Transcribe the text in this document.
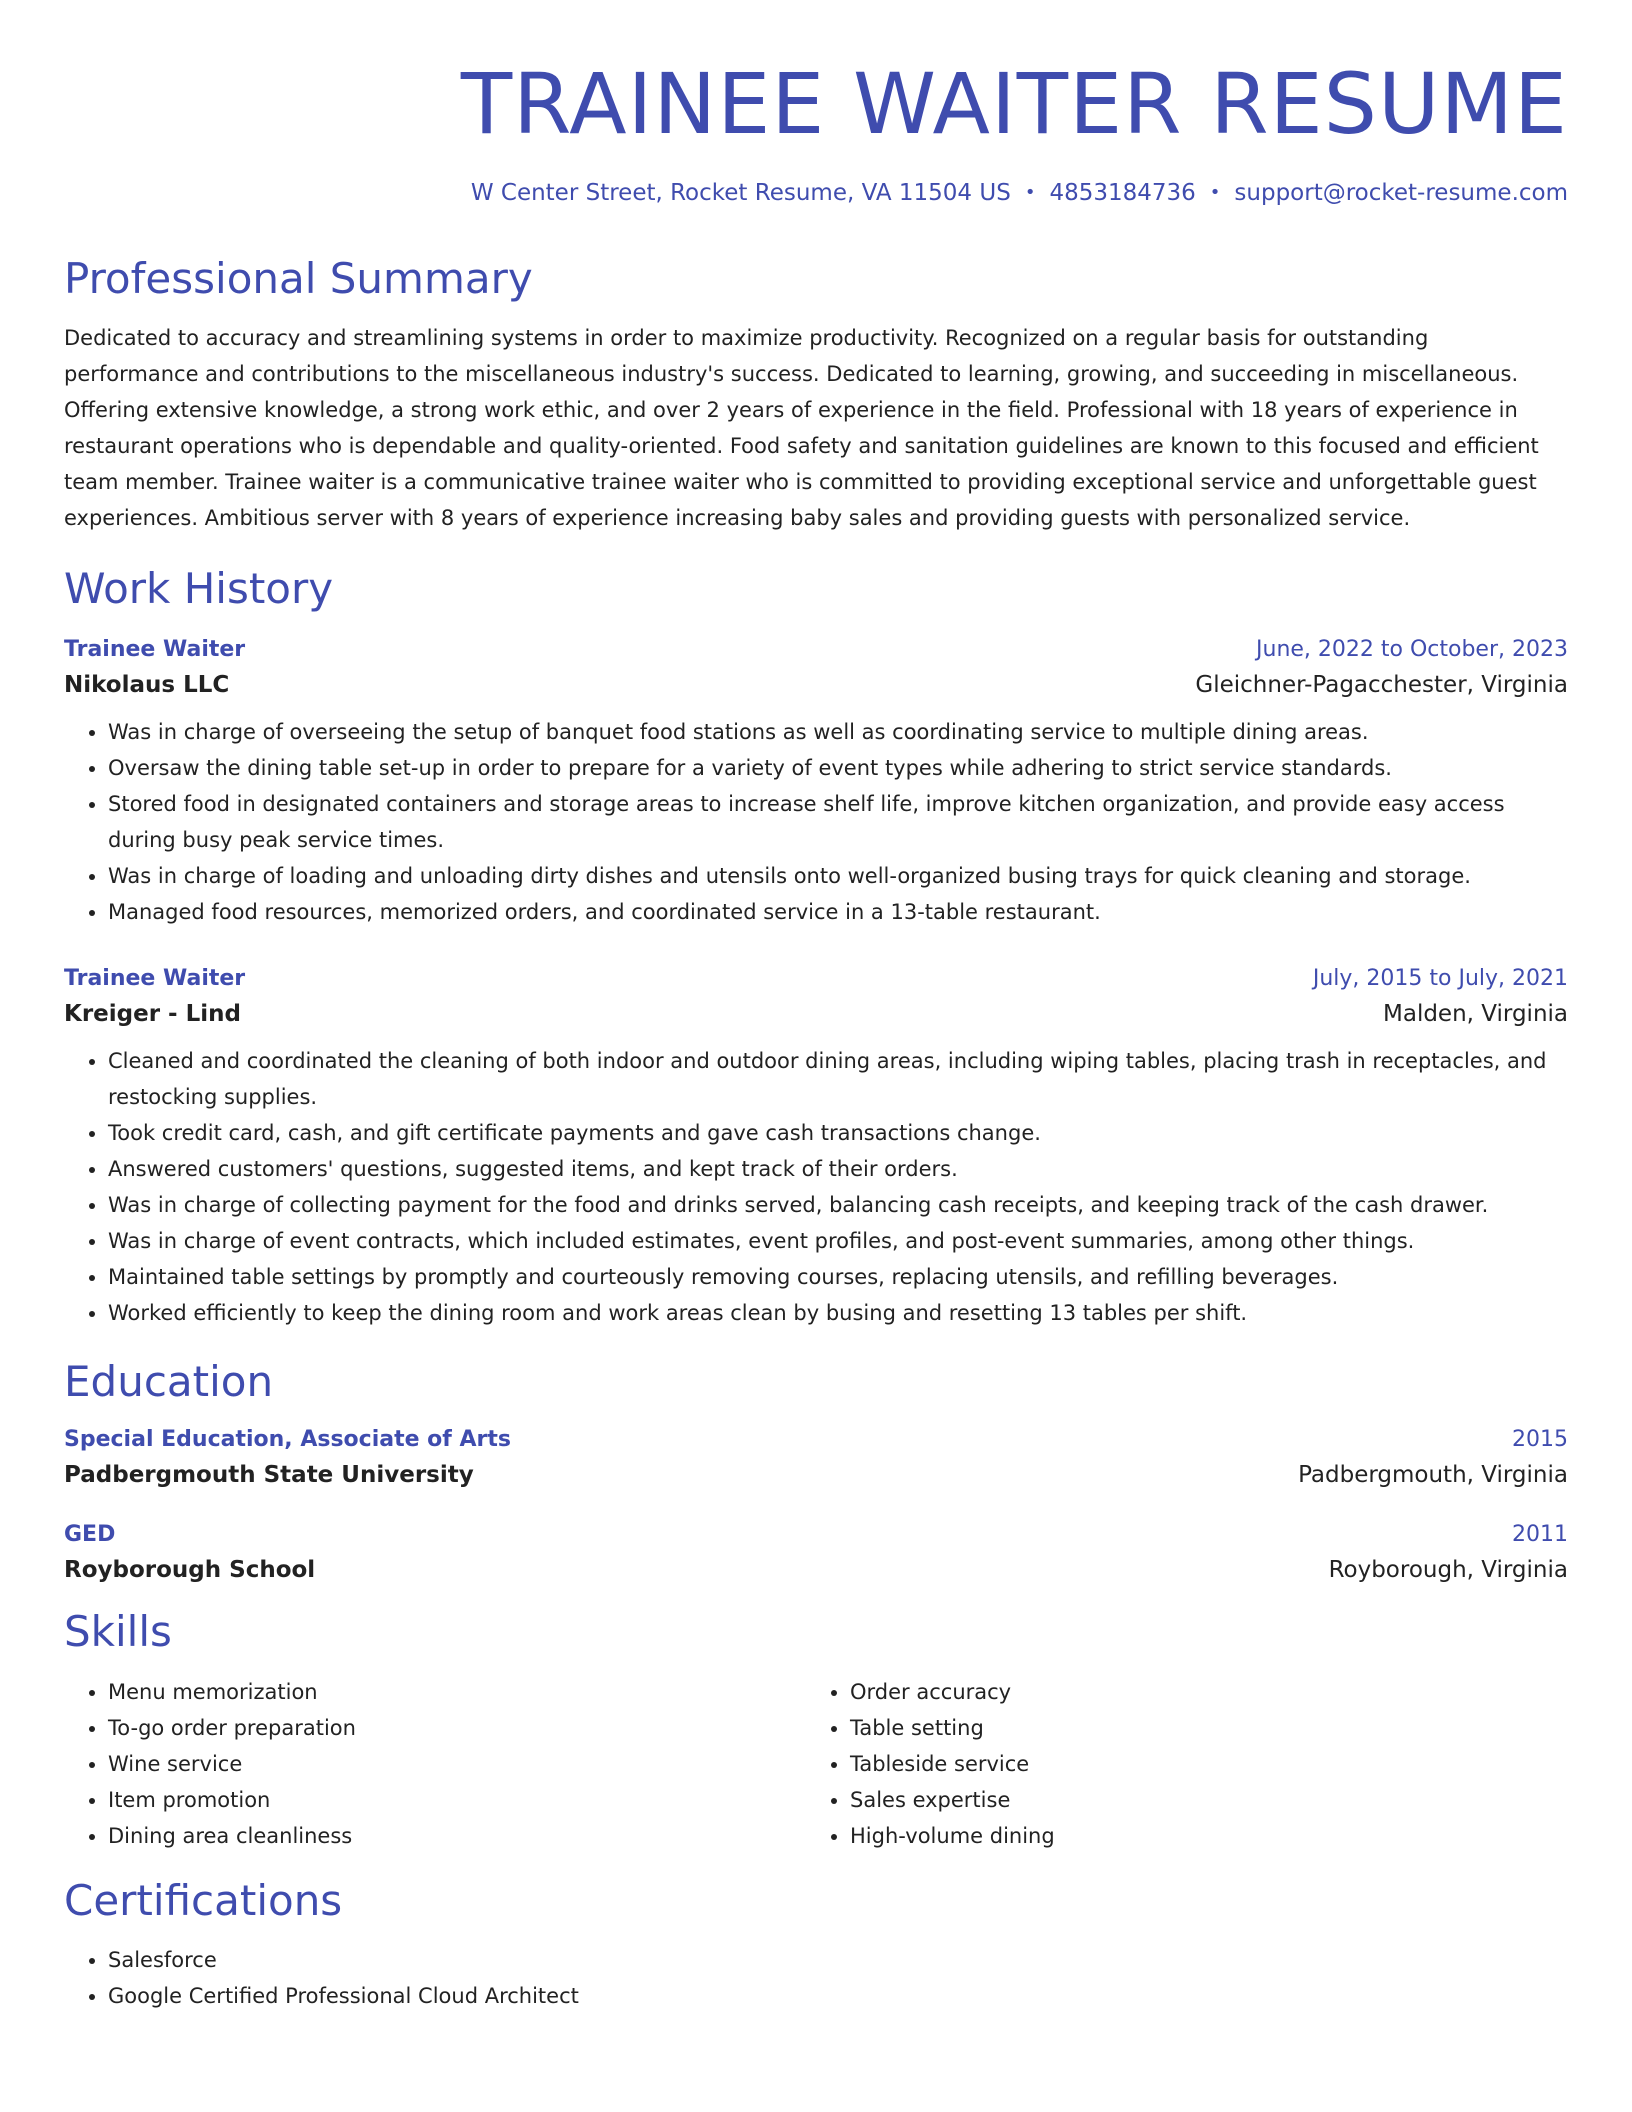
TRAINEE WAITER RESUME
W Center Street, Rocket Resume, VA 11504 US • 4853184736 • support@rocket-resume.com
Professional Summary
Dedicated to accuracy and streamlining systems in order to maximize productivity. Recognized on a regular basis for outstanding performance and contributions to the miscellaneous industry's success. Dedicated to learning, growing, and succeeding in miscellaneous. Offering extensive knowledge, a strong work ethic, and over 2 years of experience in the field. Professional with 18 years of experience in restaurant operations who is dependable and quality-oriented. Food safety and sanitation guidelines are known to this focused and efficient team member. Trainee waiter is a communicative trainee waiter who is committed to providing exceptional service and unforgettable guest experiences. Ambitious server with 8 years of experience increasing baby sales and providing guests with personalized service.
Work History
Trainee Waiter	June, 2022 to October, 2023
Nikolaus LLC	Gleichner-Pagacchester, Virginia
• Was in charge of overseeing the setup of banquet food stations as well as coordinating service to multiple dining areas.
• Oversaw the dining table set-up in order to prepare for a variety of event types while adhering to strict service standards.
• Stored food in designated containers and storage areas to increase shelf life, improve kitchen organization, and provide easy access during busy peak service times.
• Was in charge of loading and unloading dirty dishes and utensils onto well-organized busing trays for quick cleaning and storage.
• Managed food resources, memorized orders, and coordinated service in a 13-table restaurant.
Trainee Waiter	July, 2015 to July, 2021
Kreiger - Lind	Malden, Virginia
• Cleaned and coordinated the cleaning of both indoor and outdoor dining areas, including wiping tables, placing trash in receptacles, and restocking supplies.
• Took credit card, cash, and gift certificate payments and gave cash transactions change.
• Answered customers' questions, suggested items, and kept track of their orders.
• Was in charge of collecting payment for the food and drinks served, balancing cash receipts, and keeping track of the cash drawer.
• Was in charge of event contracts, which included estimates, event profiles, and post-event summaries, among other things.
• Maintained table settings by promptly and courteously removing courses, replacing utensils, and refilling beverages.
• Worked efficiently to keep the dining room and work areas clean by busing and resetting 13 tables per shift.
Education
Special Education, Associate of Arts	2015
Padbergmouth State University	Padbergmouth, Virginia
GED	2011
Royborough School	Royborough, Virginia
Skills
• Menu memorization
• To-go order preparation
• Wine service
• Item promotion
• Dining area cleanliness
• Order accuracy
• Table setting
• Tableside service
• Sales expertise
• High-volume dining
Certifications
• Salesforce
• Google Certified Professional Cloud Architect
